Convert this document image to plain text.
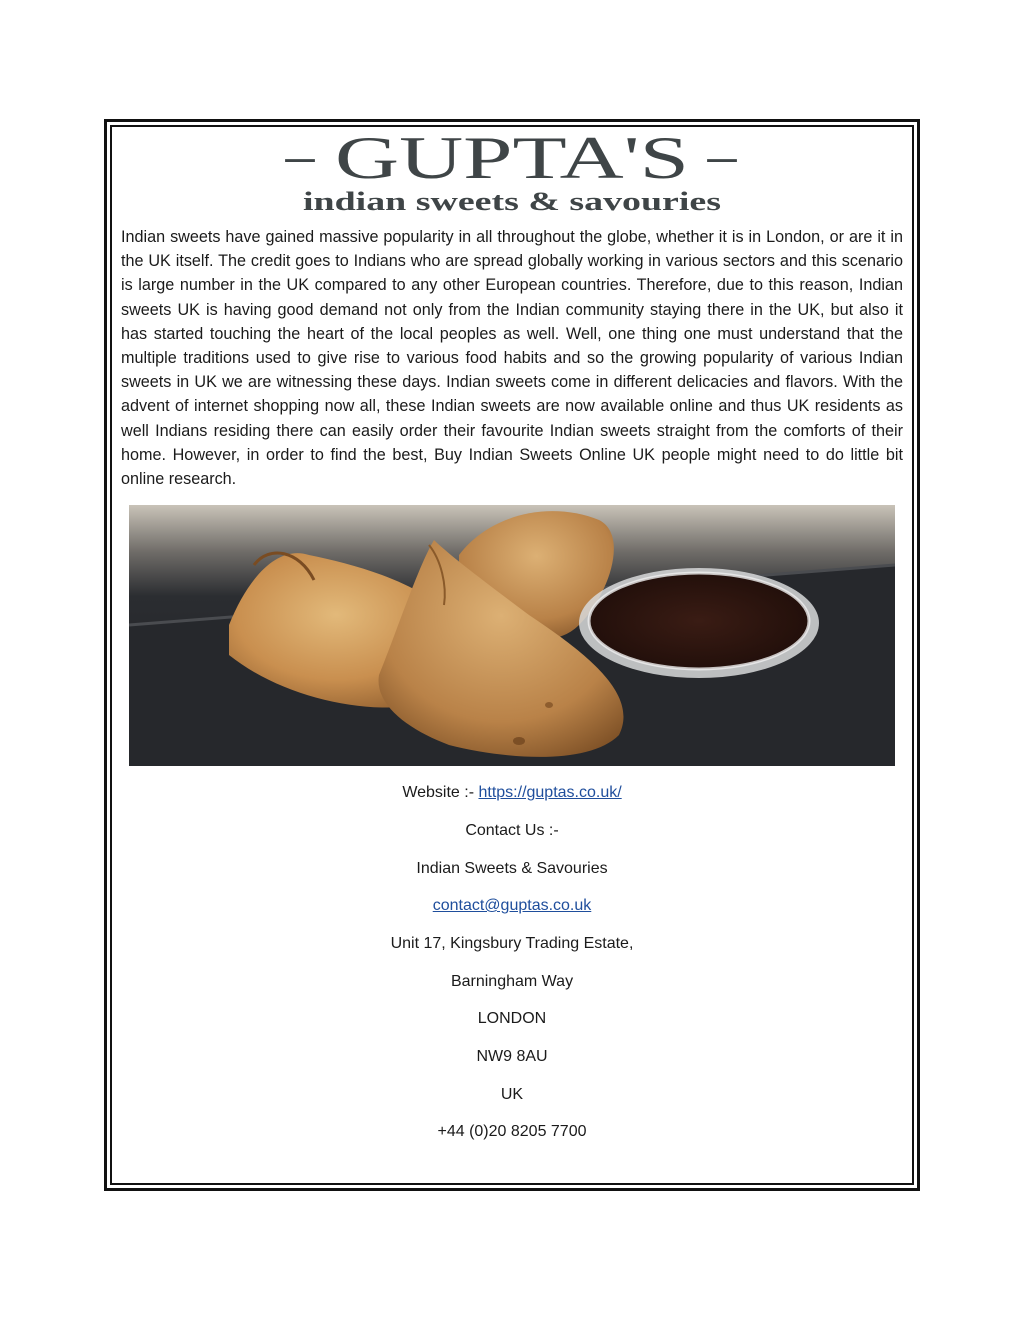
– GUPTA'S –
indian sweets & savouries

Indian sweets have gained massive popularity in all throughout the globe, whether it is in London, or are it in the UK itself. The credit goes to Indians who are spread globally working in various sectors and this scenario is large number in the UK compared to any other European countries. Therefore, due to this reason, Indian sweets UK is having good demand not only from the Indian community staying there in the UK, but also it has started touching the heart of the local peoples as well. Well, one thing one must understand that the multiple traditions used to give rise to various food habits and so the growing popularity of various Indian sweets in UK we are witnessing these days. Indian sweets come in different delicacies and flavors. With the advent of internet shopping now all, these Indian sweets are now available online and thus UK residents as well Indians residing there can easily order their favourite Indian sweets straight from the comforts of their home. However, in order to find the best, Buy Indian Sweets Online UK people might need to do little bit online research.

Website :- https://guptas.co.uk/
Contact Us :-
Indian Sweets & Savouries
contact@guptas.co.uk
Unit 17, Kingsbury Trading Estate,
Barningham Way
LONDON
NW9 8AU
UK
+44 (0)20 8205 7700
